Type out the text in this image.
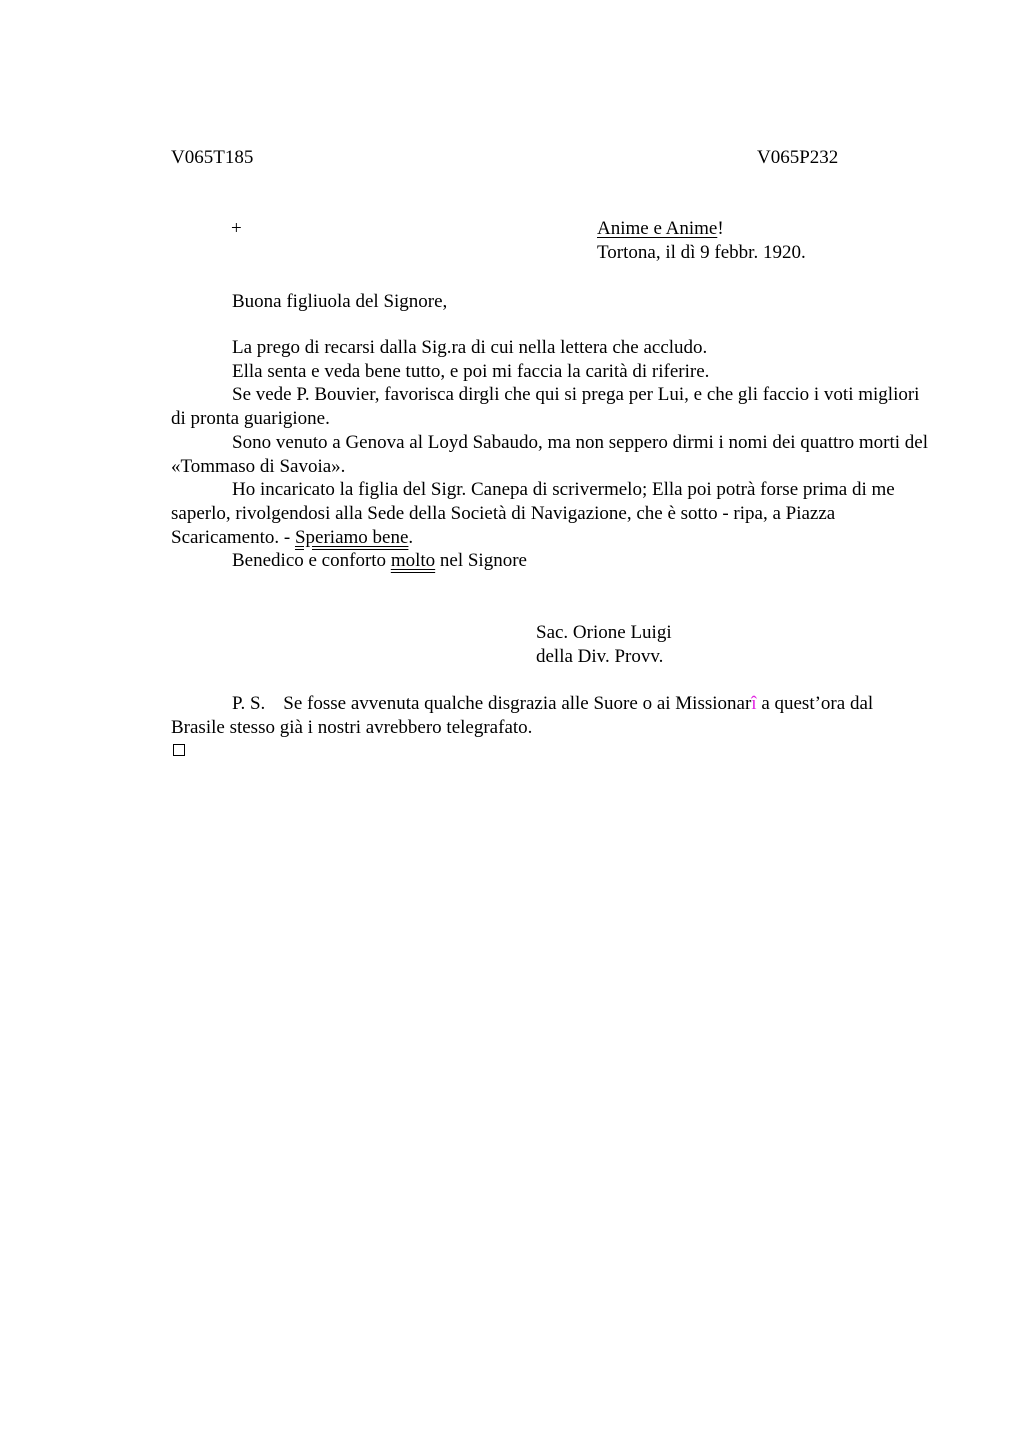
V065T185	V065P232
+	Anime e Anime!
Tortona, il dì 9 febbr. 1920.
Buona figliuola del Signore,

La prego di recarsi dalla Sig.ra di cui nella lettera che accludo.

Ella senta e veda bene tutto, e poi mi faccia la carità di riferire.

Se vede P. Bouvier, favorisca dirgli che qui si prega per Lui, e che gli faccio i voti migliori di pronta guarigione.

Sono venuto a Genova al Loyd Sabaudo, ma non seppero dirmi i nomi dei quattro morti del «Tommaso di Savoia».

Ho incaricato la figlia del Sigr. Canepa di scrivermelo; Ella poi potrà forse prima di me saperlo, rivolgendosi alla Sede della Società di Navigazione, che è sotto - ripa, a Piazza Scaricamento. - Speriamo bene.

Benedico e conforto molto nel Signore

Sac. Orione Luigi
della Div. Provv.

P. S. Se fosse avvenuta qualche disgrazia alle Suore o ai Missionarî a quest’ora dal Brasile stesso già i nostri avrebbero telegrafato.
